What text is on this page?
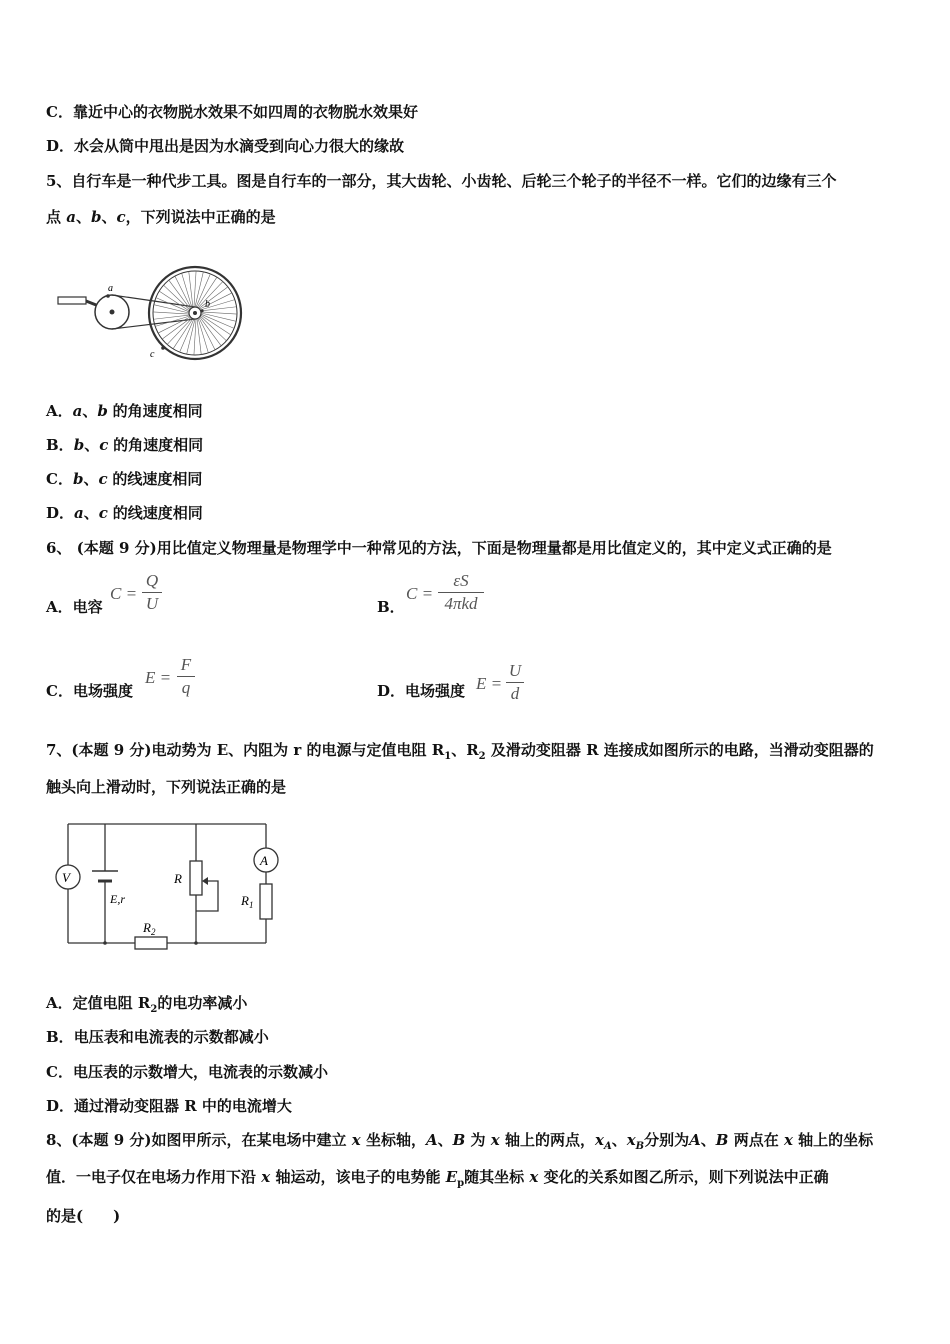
C．靠近中心的衣物脱水效果不如四周的衣物脱水效果好
D．水会从筒中甩出是因为水滴受到向心力很大的缘故
5、自行车是一种代步工具。图是自行车的一部分，其大齿轮、小齿轮、后轮三个轮子的半径不一样。它们的边缘有三个
点 a、b、c，下列说法中正确的是
a
b
c
A．a、b 的角速度相同
B．b、c 的角速度相同
C．b、c 的线速度相同
D．a、c 的线速度相同
6、 (本题 9 分)用比值定义物理量是物理学中一种常见的方法，下面是物理量都是用比值定义的，其中定义式正确的是
A．电容
C =
Q
U	B．
C =
εS
4πkd
C．电场强度
E =
F
q	D．电场强度 E =
U
d
7、(本题 9 分)电动势为 E、内阻为 r 的电源与定值电阻 $R_1$、$R_2$ 及滑动变阻器 R 连接成如图所示的电路，当滑动变阻器的
触头向上滑动时，下列说法正确的是
V
E,r
R
A
$R_1$
$R_2$
A．定值电阻 $R_2$的电功率减小
B．电压表和电流表的示数都减小
C．电压表的示数增大，电流表的示数减小
D．通过滑动变阻器 R 中的电流增大
8、(本题 9 分)如图甲所示，在某电场中建立 x 坐标轴，A、B 为 x 轴上的两点，$x_A$、$x_B$分别为A、B 两点在 x 轴上的坐标
值．一电子仅在电场力作用下沿 x 轴运动，该电子的电势能 $E_p$随其坐标 x 变化的关系如图乙所示，则下列说法中正确
的是(　　)
